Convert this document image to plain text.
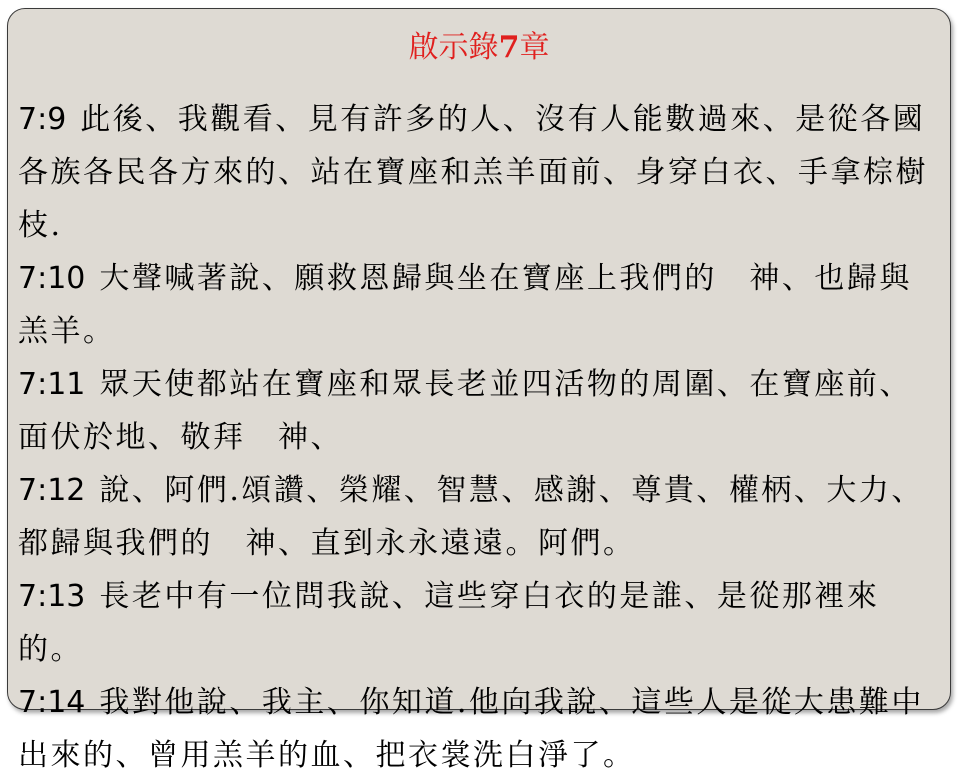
啟示錄7章
7:9 此後、我觀看、見有許多的人、沒有人能數過來、是從各國各族各民各方來的、站在寶座和羔羊面前、身穿白衣、手拿棕樹枝.
7:10 大聲喊著說、願救恩歸與坐在寶座上我們的　神、也歸與羔羊。
7:11 眾天使都站在寶座和眾長老並四活物的周圍、在寶座前、面伏於地、敬拜　神、
7:12 說、阿們.頌讚、榮耀、智慧、感謝、尊貴、權柄、大力、都歸與我們的　神、直到永永遠遠。阿們。
7:13 長老中有一位問我說、這些穿白衣的是誰、是從那裡來的。
7:14 我對他說、我主、你知道.他向我說、這些人是從大患難中出來的、曾用羔羊的血、把衣裳洗白淨了。
